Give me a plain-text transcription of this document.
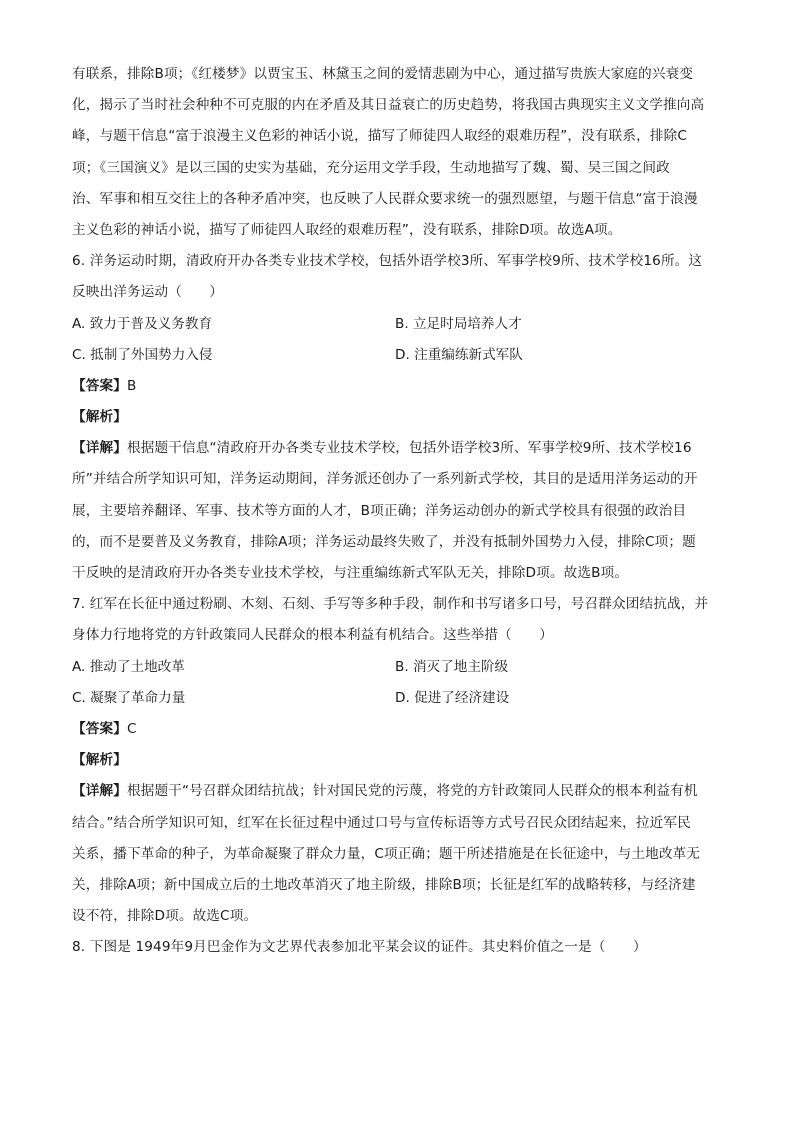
有联系，排除B项；《红楼梦》以贾宝玉、林黛玉之间的爱情悲剧为中心，通过描写贵族大家庭的兴衰变
化，揭示了当时社会种种不可克服的内在矛盾及其日益衰亡的历史趋势，将我国古典现实主义文学推向高
峰，与题干信息“富于浪漫主义色彩的神话小说，描写了师徒四人取经的艰难历程”，没有联系，排除C
项；《三国演义》是以三国的史实为基础，充分运用文学手段，生动地描写了魏、蜀、吴三国之间政
治、军事和相互交往上的各种矛盾冲突，也反映了人民群众要求统一的强烈愿望，与题干信息“富于浪漫
主义色彩的神话小说，描写了师徒四人取经的艰难历程”，没有联系，排除D项。故选A项。
6. 洋务运动时期，清政府开办各类专业技术学校，包括外语学校3所、军事学校9所、技术学校16所。这
反映出洋务运动（　　）
A. 致力于普及义务教育	B. 立足时局培养人才
C. 抵制了外国势力入侵	D. 注重编练新式军队
【答案】B
【解析】
【详解】根据题干信息“清政府开办各类专业技术学校，包括外语学校3所、军事学校9所、技术学校16
所”并结合所学知识可知，洋务运动期间，洋务派还创办了一系列新式学校，其目的是适用洋务运动的开
展，主要培养翻译、军事、技术等方面的人才，B项正确；洋务运动创办的新式学校具有很强的政治目
的，而不是要普及义务教育，排除A项；洋务运动最终失败了，并没有抵制外国势力入侵，排除C项；题
干反映的是清政府开办各类专业技术学校，与注重编练新式军队无关，排除D项。故选B项。
7. 红军在长征中通过粉刷、木刻、石刻、手写等多种手段，制作和书写诸多口号，号召群众团结抗战，并
身体力行地将党的方针政策同人民群众的根本利益有机结合。这些举措（　　）
A. 推动了土地改革	B. 消灭了地主阶级
C. 凝聚了革命力量	D. 促进了经济建设
【答案】C
【解析】
【详解】根据题干“号召群众团结抗战；针对国民党的污蔑，将党的方针政策同人民群众的根本利益有机
结合。”结合所学知识可知，红军在长征过程中通过口号与宣传标语等方式号召民众团结起来，拉近军民
关系，播下革命的种子，为革命凝聚了群众力量，C项正确；题干所述措施是在长征途中，与土地改革无
关，排除A项；新中国成立后的土地改革消灭了地主阶级，排除B项；长征是红军的战略转移，与经济建
设不符，排除D项。故选C项。
8. 下图是 1949年9月巴金作为文艺界代表参加北平某会议的证件。其史料价值之一是（　　）
